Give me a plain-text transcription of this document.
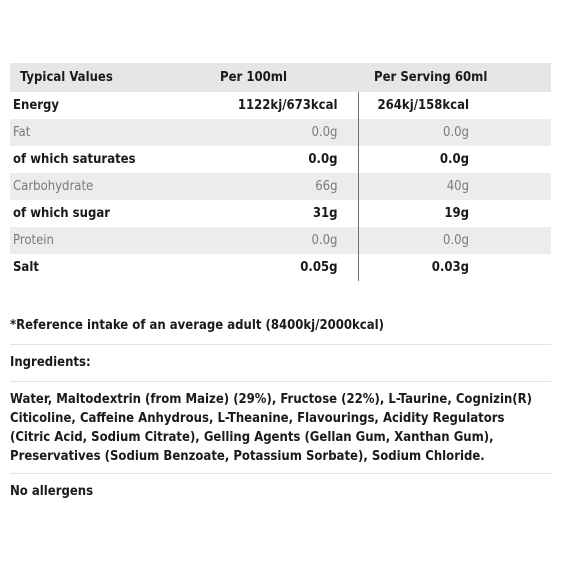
Typical Values	Per 100ml	Per Serving 60ml
Energy	1122kj/673kcal	264kj/158kcal
Fat	0.0g	0.0g
of which saturates	0.0g	0.0g
Carbohydrate	66g	40g
of which sugar	31g	19g
Protein	0.0g	0.0g
Salt	0.05g	0.03g
*Reference intake of an average adult (8400kj/2000kcal)
Ingredients:
Water, Maltodextrin (from Maize) (29%), Fructose (22%), L-Taurine, Cognizin(R)
Citicoline, Caffeine Anhydrous, L-Theanine, Flavourings, Acidity Regulators
(Citric Acid, Sodium Citrate), Gelling Agents (Gellan Gum, Xanthan Gum),
Preservatives (Sodium Benzoate, Potassium Sorbate), Sodium Chloride.
No allergens
